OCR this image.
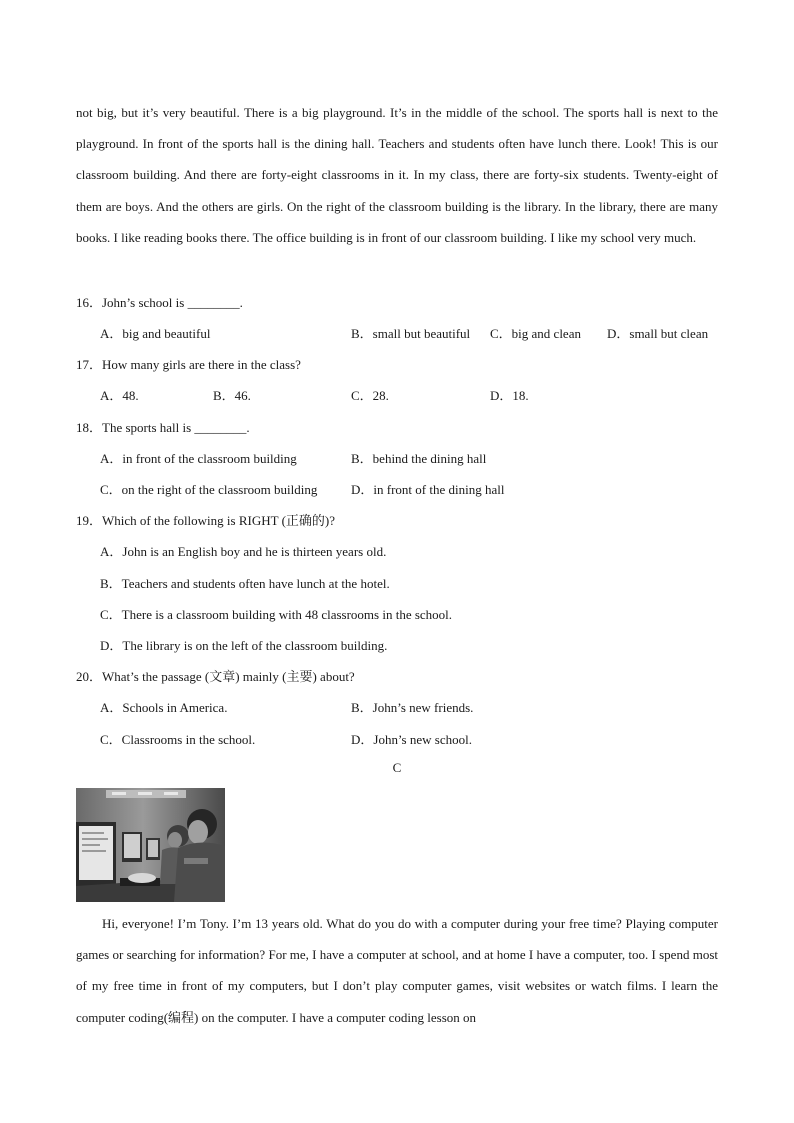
not big, but it’s very beautiful. There is a big playground. It’s in the middle of the school. The sports hall is next to the playground. In front of the sports hall is the dining hall. Teachers and students often have lunch there. Look! This is our classroom building. And there are forty-eight classrooms in it. In my class, there are forty-six students. Twenty-eight of them are boys. And the others are girls. On the right of the classroom building is the library. In the library, there are many books. I like reading books there. The office building is in front of our classroom building. I like my school very much.

16．John’s school is ________.
A．big and beautiful	B．small but beautiful C．big and clean D．small but clean
17．How many girls are there in the class?
A．48.	B．46.	C．28.	D．18.
18．The sports hall is ________.
A．in front of the classroom building	B．behind the dining hall
C．on the right of the classroom building	D．in front of the dining hall
19．Which of the following is RIGHT (正确的)?
A．John is an English boy and he is thirteen years old.
B．Teachers and students often have lunch at the hotel.
C．There is a classroom building with 48 classrooms in the school.
D．The library is on the left of the classroom building.
20．What’s the passage (文章) mainly (主要) about?
A．Schools in America.	B．John’s new friends.
C．Classrooms in the school.	D．John’s new school.
C

Hi, everyone! I’m Tony. I’m 13 years old. What do you do with a computer during your free time? Playing computer games or searching for information? For me, I have a computer at school, and at home I have a computer, too. I spend most of my free time in front of my computers, but I don’t play computer games, visit websites or watch films. I learn the computer coding(编程) on the computer. I have a computer coding lesson on
